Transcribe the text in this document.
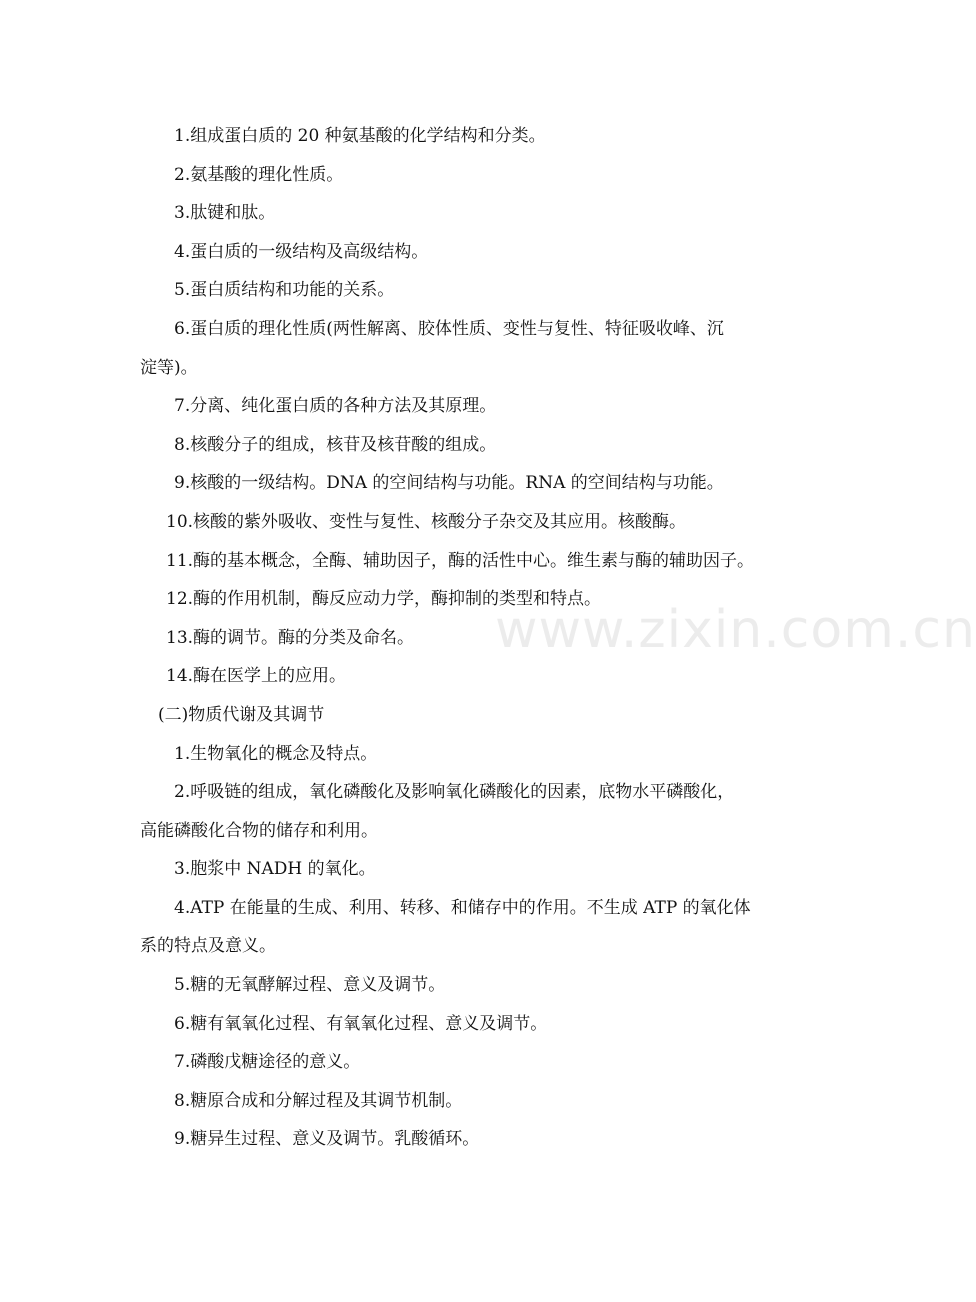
1.组成蛋白质的 20 种氨基酸的化学结构和分类。

2.氨基酸的理化性质。

3.肽键和肽。

4.蛋白质的一级结构及高级结构。

5.蛋白质结构和功能的关系。

6.蛋白质的理化性质(两性解离、胶体性质、变性与复性、特征吸收峰、沉

淀等)。

7.分离、纯化蛋白质的各种方法及其原理。

8.核酸分子的组成，核苷及核苷酸的组成。

9.核酸的一级结构。DNA 的空间结构与功能。RNA 的空间结构与功能。

10.核酸的紫外吸收、变性与复性、核酸分子杂交及其应用。核酸酶。

11.酶的基本概念，全酶、辅助因子，酶的活性中心。维生素与酶的辅助因子。

12.酶的作用机制，酶反应动力学，酶抑制的类型和特点。

13.酶的调节。酶的分类及命名。

14.酶在医学上的应用。

(二)物质代谢及其调节

1.生物氧化的概念及特点。

2.呼吸链的组成，氧化磷酸化及影响氧化磷酸化的因素，底物水平磷酸化，

高能磷酸化合物的储存和利用。

3.胞浆中 NADH 的氧化。

4.ATP 在能量的生成、利用、转移、和储存中的作用。不生成 ATP 的氧化体

系的特点及意义。

5.糖的无氧酵解过程、意义及调节。

6.糖有氧氧化过程、有氧氧化过程、意义及调节。

7.磷酸戊糖途径的意义。

8.糖原合成和分解过程及其调节机制。

9.糖异生过程、意义及调节。乳酸循环。

www.zixin.com.cn
